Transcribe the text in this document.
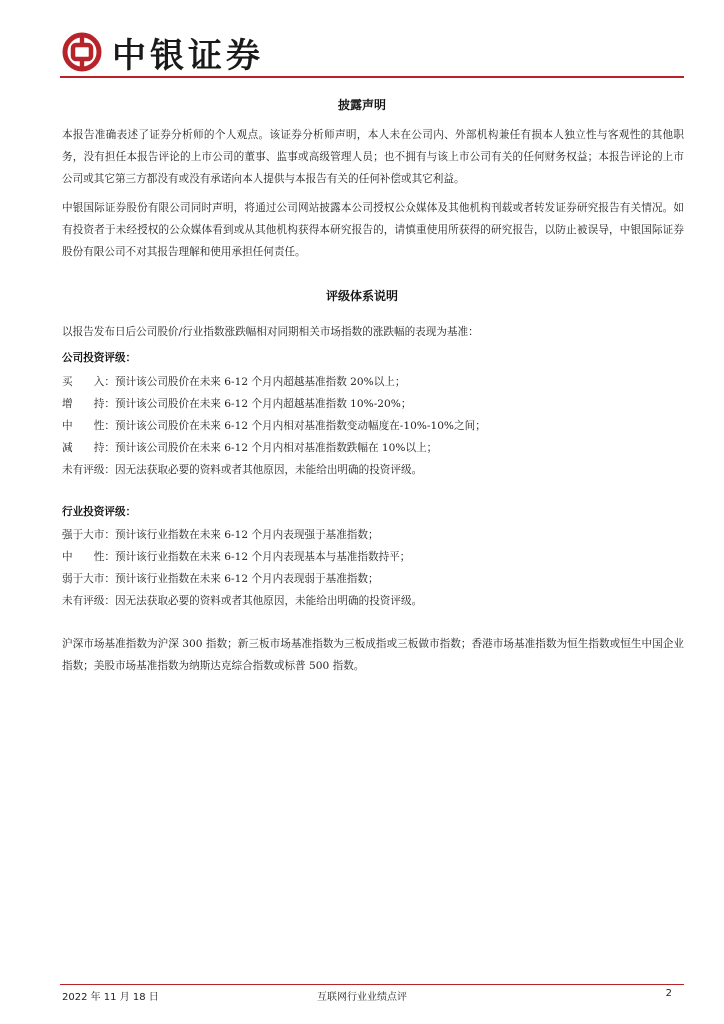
中银证券
披露声明
本报告准确表述了证券分析师的个人观点。该证券分析师声明，本人未在公司内、外部机构兼任有损本人独立性与客观性的其他职务，没有担任本报告评论的上市公司的董事、监事或高级管理人员；也不拥有与该上市公司有关的任何财务权益；本报告评论的上市公司或其它第三方都没有或没有承诺向本人提供与本报告有关的任何补偿或其它利益。
中银国际证券股份有限公司同时声明，将通过公司网站披露本公司授权公众媒体及其他机构刊载或者转发证券研究报告有关情况。如有投资者于未经授权的公众媒体看到或从其他机构获得本研究报告的，请慎重使用所获得的研究报告，以防止被误导，中银国际证券股份有限公司不对其报告理解和使用承担任何责任。
评级体系说明
以报告发布日后公司股价/行业指数涨跌幅相对同期相关市场指数的涨跌幅的表现为基准：
公司投资评级：
买　　入：预计该公司股价在未来 6-12 个月内超越基准指数 20%以上；
增　　持：预计该公司股价在未来 6-12 个月内超越基准指数 10%-20%；
中　　性：预计该公司股价在未来 6-12 个月内相对基准指数变动幅度在-10%-10%之间；
减　　持：预计该公司股价在未来 6-12 个月内相对基准指数跌幅在 10%以上；
未有评级：因无法获取必要的资料或者其他原因，未能给出明确的投资评级。
行业投资评级：
强于大市：预计该行业指数在未来 6-12 个月内表现强于基准指数；
中　　性：预计该行业指数在未来 6-12 个月内表现基本与基准指数持平；
弱于大市：预计该行业指数在未来 6-12 个月内表现弱于基准指数；
未有评级：因无法获取必要的资料或者其他原因，未能给出明确的投资评级。
沪深市场基准指数为沪深 300 指数；新三板市场基准指数为三板成指或三板做市指数；香港市场基准指数为恒生指数或恒生中国企业指数；美股市场基准指数为纳斯达克综合指数或标普 500 指数。
2022 年 11 月 18 日	互联网行业业绩点评	2
